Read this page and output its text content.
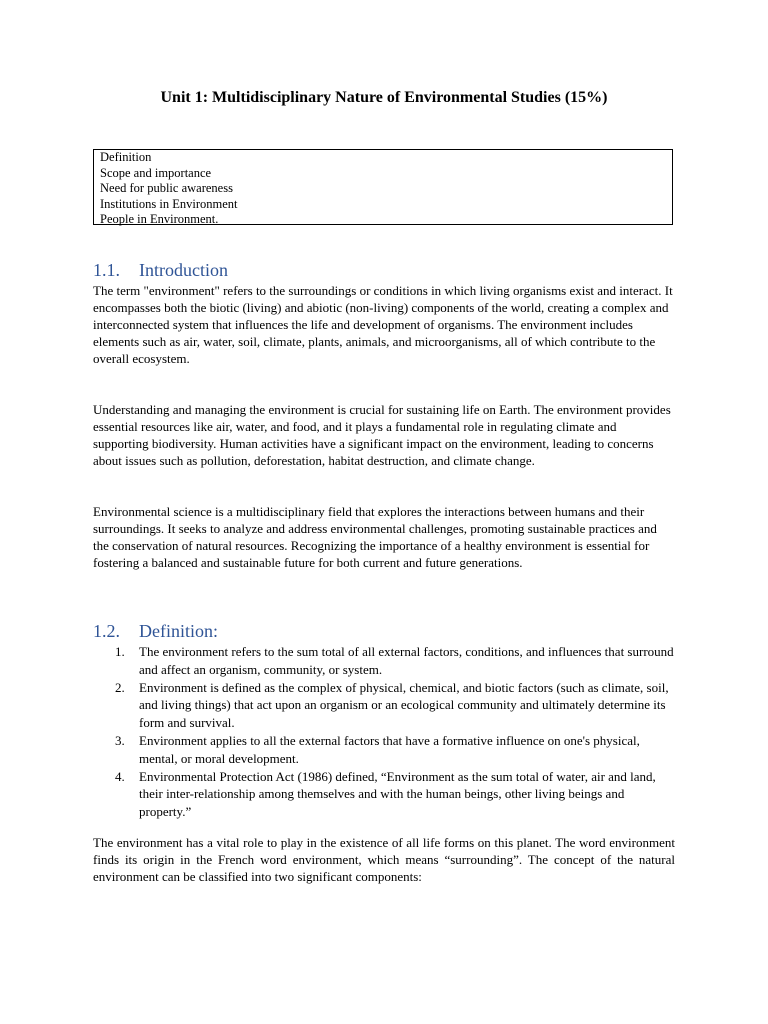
Unit 1: Multidisciplinary Nature of Environmental Studies (15%)
Definition
Scope and importance
Need for public awareness
Institutions in Environment
People in Environment.
1.1. Introduction

The term "environment" refers to the surroundings or conditions in which living organisms exist and interact. It encompasses both the biotic (living) and abiotic (non-living) components of the world, creating a complex and interconnected system that influences the life and development of organisms. The environment includes elements such as air, water, soil, climate, plants, animals, and microorganisms, all of which contribute to the overall ecosystem.

Understanding and managing the environment is crucial for sustaining life on Earth. The environment provides essential resources like air, water, and food, and it plays a fundamental role in regulating climate and supporting biodiversity. Human activities have a significant impact on the environment, leading to concerns about issues such as pollution, deforestation, habitat destruction, and climate change.

Environmental science is a multidisciplinary field that explores the interactions between humans and their surroundings. It seeks to analyze and address environmental challenges, promoting sustainable practices and the conservation of natural resources. Recognizing the importance of a healthy environment is essential for fostering a balanced and sustainable future for both current and future generations.

1.2. Definition:
1. The environment refers to the sum total of all external factors, conditions, and influences that surround and affect an organism, community, or system.
2. Environment is defined as the complex of physical, chemical, and biotic factors (such as climate, soil, and living things) that act upon an organism or an ecological community and ultimately determine its form and survival.
3. Environment applies to all the external factors that have a formative influence on one's physical, mental, or moral development.
4. Environmental Protection Act (1986) defined, “Environment as the sum total of water, air and land, their inter-relationship among themselves and with the human beings, other living beings and property.”

The environment has a vital role to play in the existence of all life forms on this planet. The word environment finds its origin in the French word environment, which means “surrounding”. The concept of the natural environment can be classified into two significant components:
